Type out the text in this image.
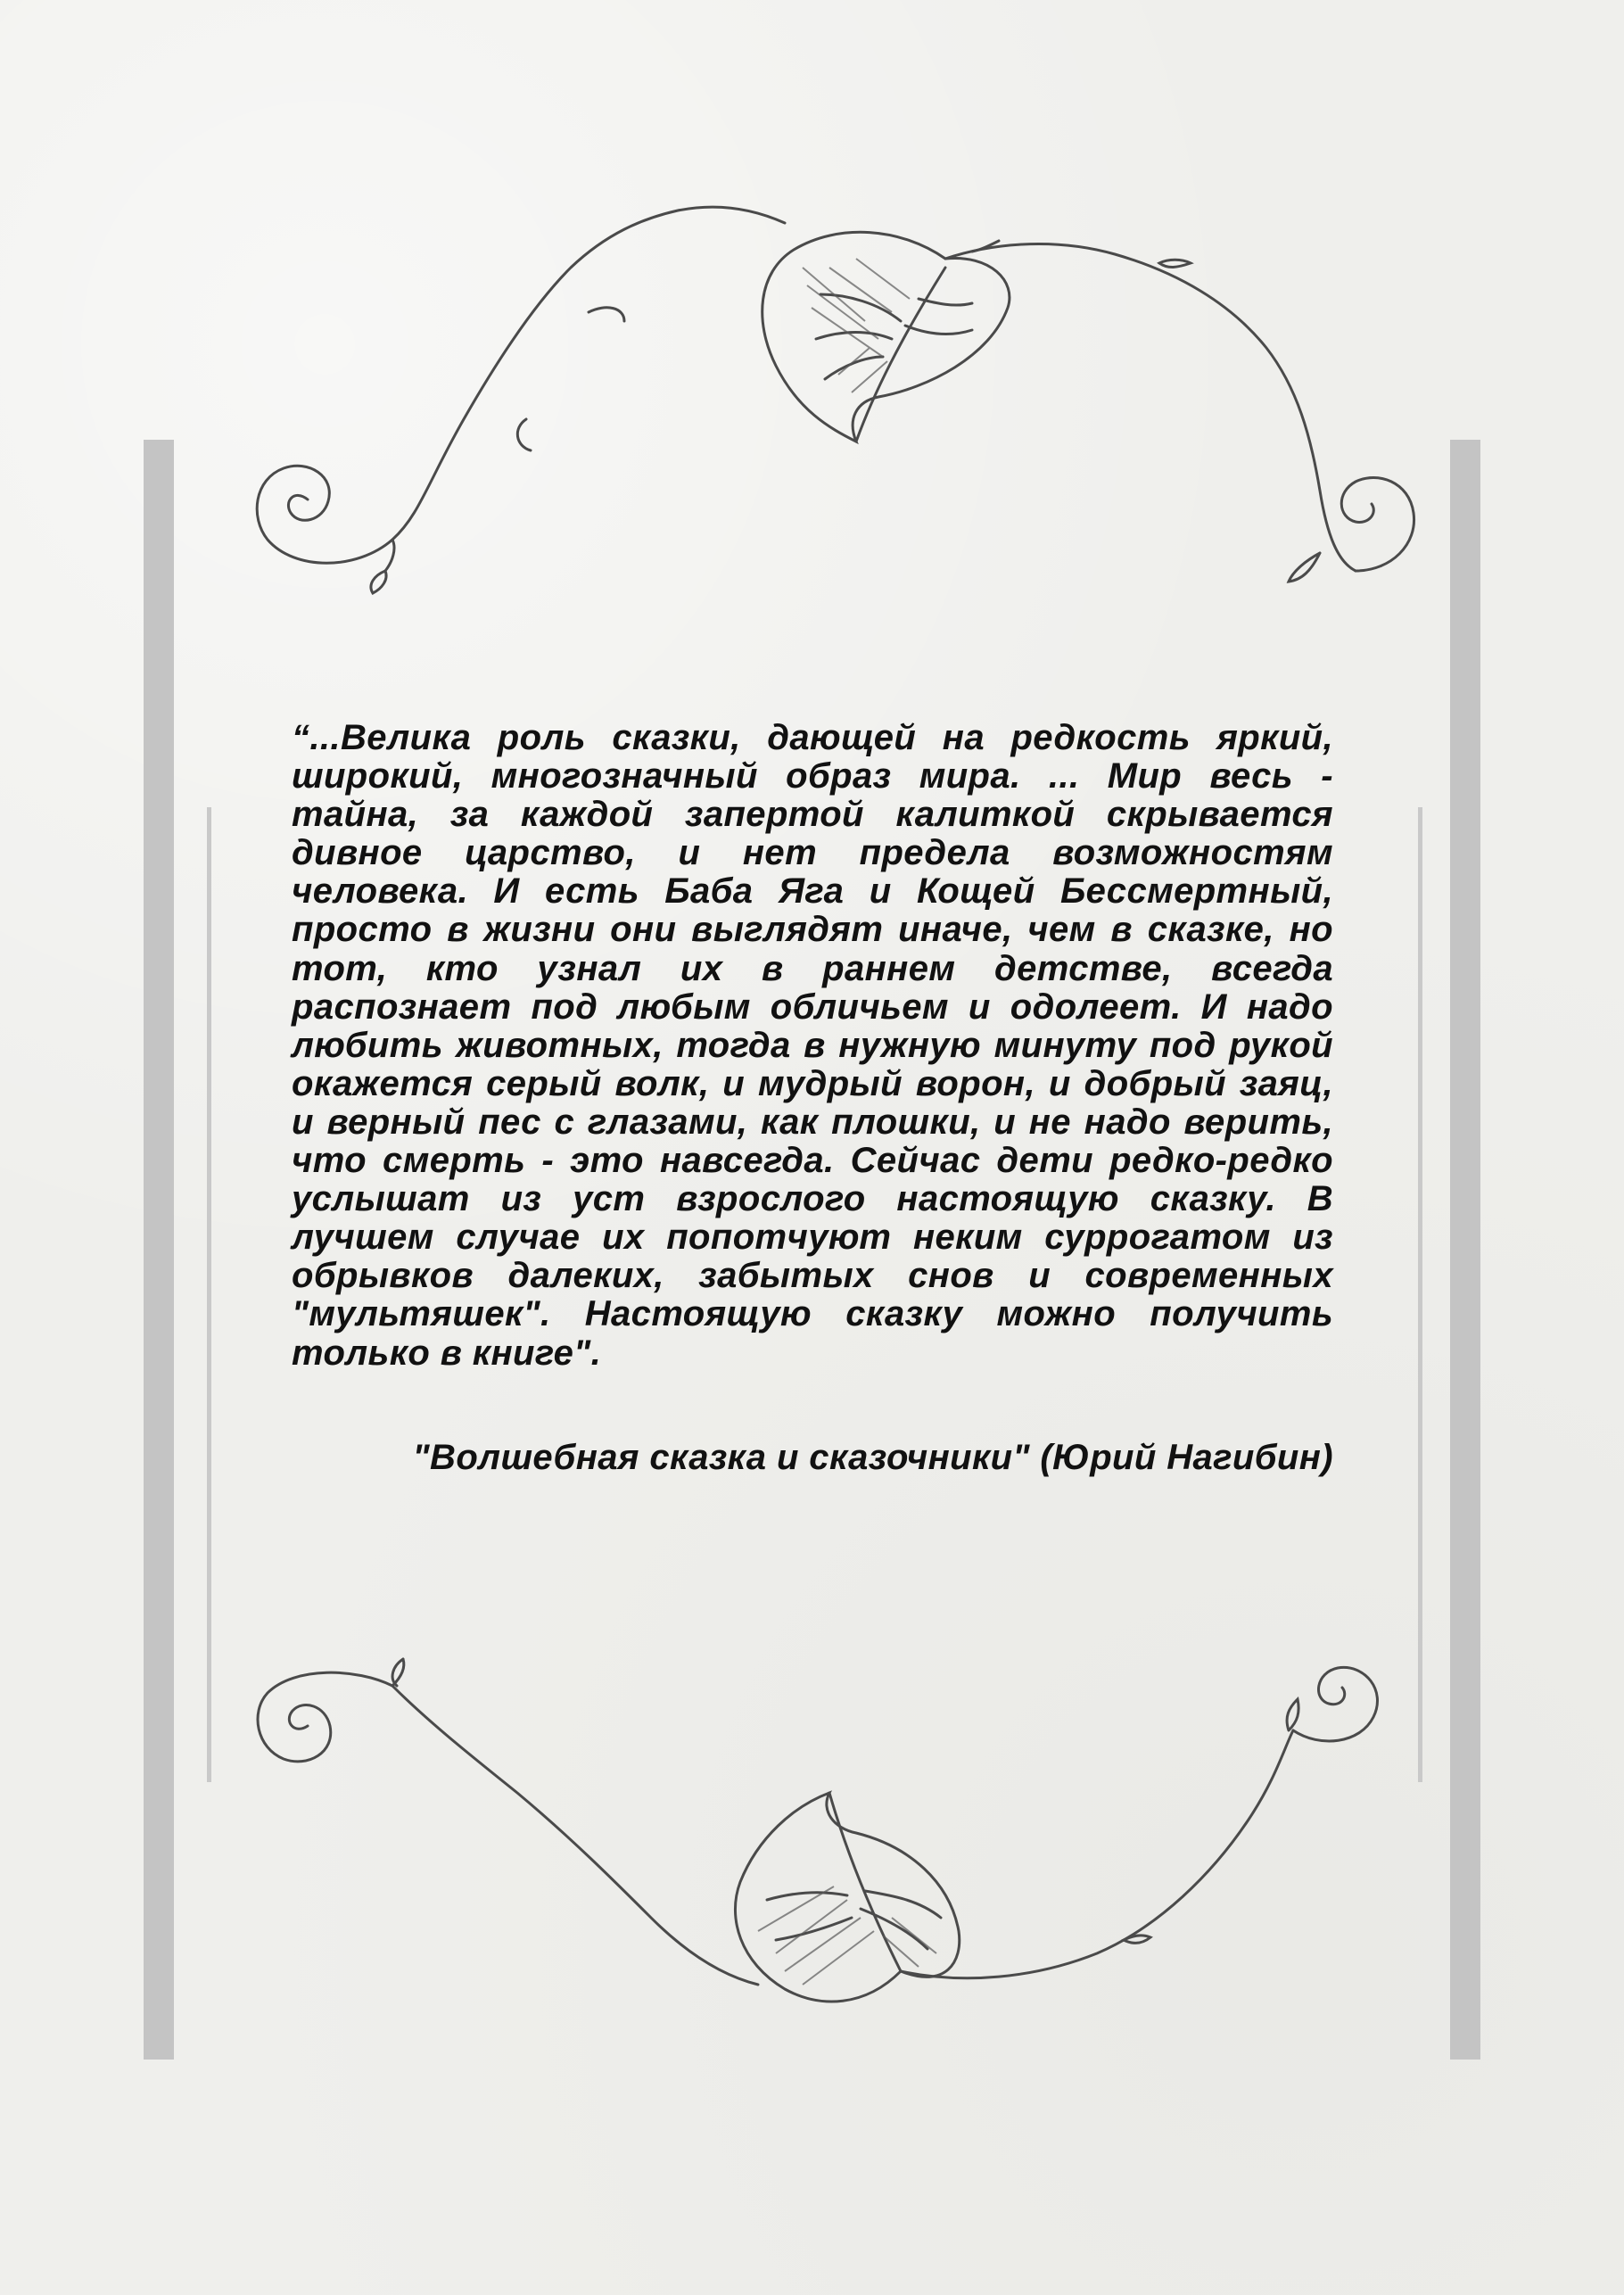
“...Велика роль сказки, дающей на редкость яркий, широкий, многозначный образ мира. ... Мир весь - тайна, за каждой запертой калиткой скрывается дивное царство, и нет предела возможностям человека. И есть Баба Яга и Кощей Бессмертный, просто в жизни они выглядят иначе, чем в сказке, но тот, кто узнал их в раннем детстве, всегда распознает под любым обличьем и одолеет. И надо любить животных, тогда в нужную минуту под рукой окажется серый волк, и мудрый ворон, и добрый заяц, и верный пес с глазами, как плошки, и не надо верить, что смерть - это навсегда. Сейчас дети редко-редко услышат из уст взрослого настоящую сказку. В лучшем случае их попотчуют неким суррогатом из обрывков далеких, забытых снов и современных "мультяшек". Настоящую сказку можно получить только в книге".

"Волшебная сказка и сказочники" (Юрий Нагибин)
